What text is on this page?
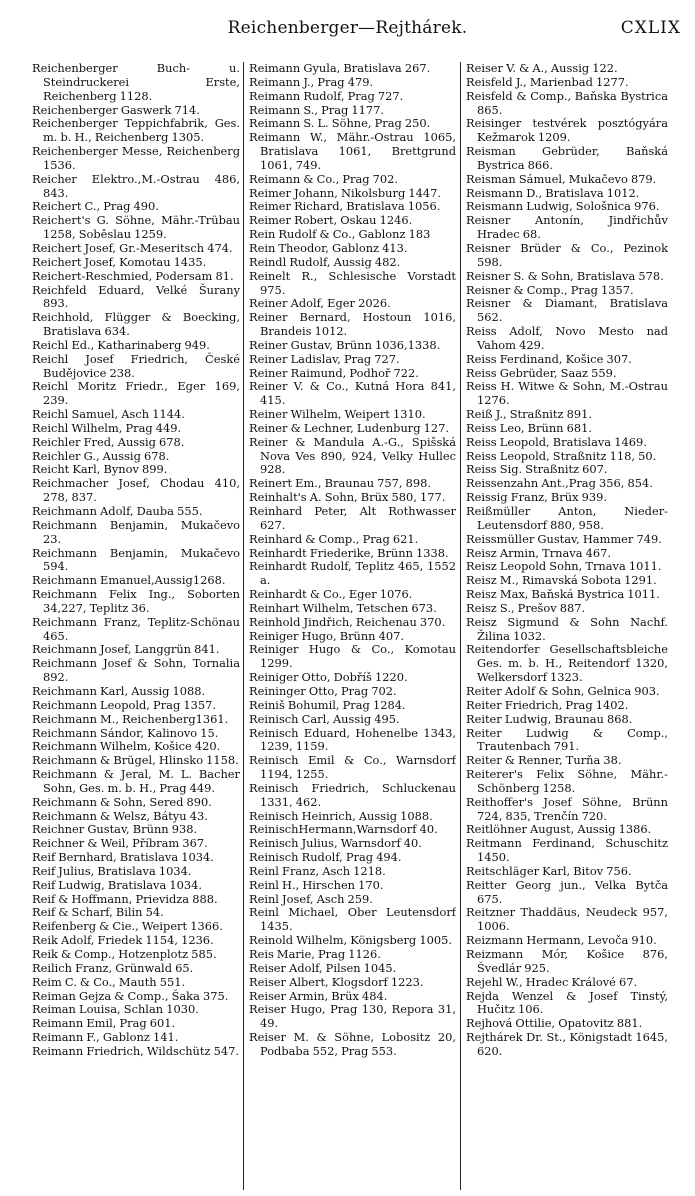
Reichenberger—Rejthárek.	CXLIX

Reichenberger Buch- u. Steindruckerei Erste, Reichenberg 1128.

Reichenberger Gaswerk 714.

Reichenberger Teppichfabrik, Ges. m. b. H., Reichenberg 1305.

Reichenberger Messe, Reichenberg 1536.

Reicher Elektro.,M.-Ostrau 486, 843.

Reichert C., Prag 490.

Reichert's G. Söhne, Mähr.-Trübau 1258, Soběslau 1259.

Reichert Josef, Gr.-Meseritsch 474.

Reichert Josef, Komotau 1435.

Reichert-Reschmied, Podersam 81.

Reichfeld Eduard, Velké Šurany 893.

Reichhold, Flügger & Boecking, Bratislava 634.

Reichl Ed., Katharinaberg 949.

Reichl Josef Friedrich, České Budějovice 238.

Reichl Moritz Friedr., Eger 169, 239.

Reichl Samuel, Asch 1144.

Reichl Wilhelm, Prag 449.

Reichler Fred, Aussig 678.

Reichler G., Aussig 678.

Reicht Karl, Bynov 899.

Reichmacher Josef, Chodau 410, 278, 837.

Reichmann Adolf, Dauba 555.

Reichmann Benjamin, Mukačevo 23.

Reichmann Benjamin, Mukačevo 594.

Reichmann Emanuel,Aussig1268.

Reichmann Felix Ing., Soborten 34,227, Teplitz 36.

Reichmann Franz, Teplitz-Schönau 465.

Reichmann Josef, Langgrün 841.

Reichmann Josef & Sohn, Tornalia 892.

Reichmann Karl, Aussig 1088.

Reichmann Leopold, Prag 1357.

Reichmann M., Reichenberg1361.

Reichmann Sándor, Kalinovo 15.

Reichmann Wilhelm, Košice 420.

Reichmann & Brügel, Hlinsko 1158.

Reichmann & Jeral, M. L. Bacher Sohn, Ges. m. b. H., Prag 449.

Reichmann & Sohn, Sered 890.

Reichmann & Welsz, Bátyu 43.

Reichner Gustav, Brünn 938.

Reichner & Weil, Příbram 367.

Reif Bernhard, Bratislava 1034.

Reif Julius, Bratislava 1034.

Reif Ludwig, Bratislava 1034.

Reif & Hoffmann, Prievidza 888.

Reif & Scharf, Bilin 54.

Reifenberg & Cie., Weipert 1366.

Reik Adolf, Friedek 1154, 1236.

Reik & Comp., Hotzenplotz 585.

Reilich Franz, Grünwald 65.

Reim C. & Co., Mauth 551.

Reiman Gejza & Comp., Šaka 375.

Reiman Louisa, Schlan 1030.

Reimann Emil, Prag 601.

Reimann F., Gablonz 141.

Reimann Friedrich, Wildschütz 547.

Reimann Gyula, Bratislava 267.

Reimann J., Prag 479.

Reimann Rudolf, Prag 727.

Reimann S., Prag 1177.

Reimann S. L. Söhne, Prag 250.

Reimann W., Mähr.-Ostrau 1065, Bratislava 1061, Brettgrund 1061, 749.

Reimann & Co., Prag 702.

Reimer Johann, Nikolsburg 1447.

Reimer Richard, Bratislava 1056.

Reimer Robert, Oskau 1246.

Rein Rudolf & Co., Gablonz 183

Rein Theodor, Gablonz 413.

Reindl Rudolf, Aussig 482.

Reinelt R., Schlesische Vorstadt 975.

Reiner Adolf, Eger 2026.

Reiner Bernard, Hostoun 1016, Brandeis 1012.

Reiner Gustav, Brünn 1036,1338.

Reiner Ladislav, Prag 727.

Reiner Raimund, Podhoř 722.

Reiner V. & Co., Kutná Hora 841, 415.

Reiner Wilhelm, Weipert 1310.

Reiner & Lechner, Ludenburg 127.

Reiner & Mandula A.-G., Spišská Nova Ves 890, 924, Velky Hullec 928.

Reinert Em., Braunau 757, 898.

Reinhalt's A. Sohn, Brüx 580, 177.

Reinhard Peter, Alt Rothwasser 627.

Reinhard & Comp., Prag 621.

Reinhardt Friederike, Brünn 1338.

Reinhardt Rudolf, Teplitz 465, 1552 a.

Reinhardt & Co., Eger 1076.

Reinhart Wilhelm, Tetschen 673.

Reinhold Jindřich, Reichenau 370.

Reiniger Hugo, Brünn 407.

Reiniger Hugo & Co., Komotau 1299.

Reiniger Otto, Dobříš 1220.

Reininger Otto, Prag 702.

Reiniš Bohumil, Prag 1284.

Reinisch Carl, Aussig 495.

Reinisch Eduard, Hohenelbe 1343, 1239, 1159.

Reinisch Emil & Co., Warnsdorf 1194, 1255.

Reinisch Friedrich, Schluckenau 1331, 462.

Reinisch Heinrich, Aussig 1088.

ReinischHermann,Warnsdorf 40.

Reinisch Julius, Warnsdorf 40.

Reinisch Rudolf, Prag 494.

Reinl Franz, Asch 1218.

Reinl H., Hirschen 170.

Reinl Josef, Asch 259.

Reinl Michael, Ober Leutensdorf 1435.

Reinold Wilhelm, Königsberg 1005.

Reis Marie, Prag 1126.

Reiser Adolf, Pilsen 1045.

Reiser Albert, Klogsdorf 1223.

Reiser Armin, Brüx 484.

Reiser Hugo, Prag 130, Repora 31, 49.

Reiser M. & Söhne, Lobositz 20, Podbaba 552, Prag 553.

Reiser V. & A., Aussig 122.

Reisfeld J., Marienbad 1277.

Reisfeld & Comp., Baňska Bystrica 865.

Reisinger testvérek posztógyára Kežmarok 1209.

Reisman Gebrüder, Baňská Bystrica 866.

Reisman Sámuel, Mukačevo 879.

Reismann D., Bratislava 1012.

Reismann Ludwig, Sološnica 976.

Reisner Antonín, Jindřichův Hradec 68.

Reisner Brüder & Co., Pezinok 598.

Reisner S. & Sohn, Bratislava 578.

Reisner & Comp., Prag 1357.

Reisner & Diamant, Bratislava 562.

Reiss Adolf, Novo Mesto nad Vahom 429.

Reiss Ferdinand, Košice 307.

Reiss Gebrüder, Saaz 559.

Reiss H. Witwe & Sohn, M.-Ostrau 1276.

Reiß J., Straßnitz 891.

Reiss Leo, Brünn 681.

Reiss Leopold, Bratislava 1469.

Reiss Leopold, Straßnitz 118, 50.

Reiss Sig. Straßnitz 607.

Reissenzahn Ant.,Prag 356, 854.

Reissig Franz, Brüx 939.

Reißmüller Anton, Nieder-Leutensdorf 880, 958.

Reissmüller Gustav, Hammer 749.

Reisz Armin, Trnava 467.

Reisz Leopold Sohn, Trnava 1011.

Reisz M., Rimavská Sobota 1291.

Reisz Max, Baňská Bystrica 1011.

Reisz S., Prešov 887.

Reisz Sigmund & Sohn Nachf. Žilina 1032.

Reitendorfer Gesellschaftsbleiche Ges. m. b. H., Reitendorf 1320, Welkersdorf 1323.

Reiter Adolf & Sohn, Gelnica 903.

Reiter Friedrich, Prag 1402.

Reiter Ludwig, Braunau 868.

Reiter Ludwig & Comp., Trautenbach 791.

Reiter & Renner, Turňa 38.

Reiterer's Felix Söhne, Mähr.-Schönberg 1258.

Reithoffer's Josef Söhne, Brünn 724, 835, Trenčín 720.

Reitlöhner August, Aussig 1386.

Reitmann Ferdinand, Schuschitz 1450.

Reitschläger Karl, Bitov 756.

Reitter Georg jun., Velka Bytča 675.

Reitzner Thaddäus, Neudeck 957, 1006.

Reizmann Hermann, Levoča 910.

Reizmann Mór, Košice 876, Švedlár 925.

Rejehl W., Hradec Králové 67.

Rejda Wenzel & Josef Tinstý, Hučitz 106.

Rejhová Ottilie, Opatovitz 881.

Rejthárek Dr. St., Königstadt 1645, 620.
